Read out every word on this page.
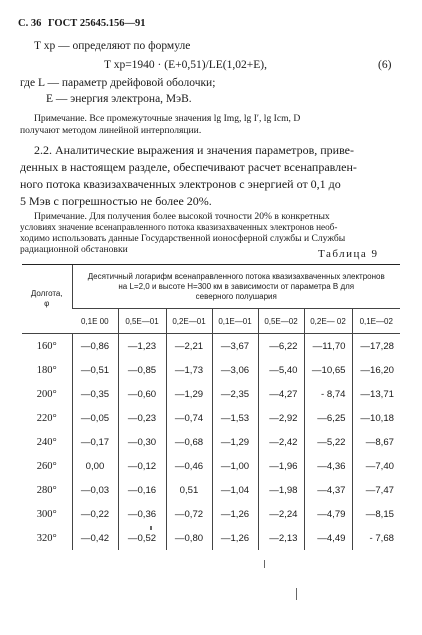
С. 36 ГОСТ 25645.156—91
T хр — определяют по формуле
T хр=1940 · (E+0,51)/LE(1,02+E),	(6)
где L — параметр дрейфовой оболочки;
E — энергия электрона, МэВ.
Примечание. Все промежуточные значения lg Img, lg I′, lg Icm, D
получают методом линейной интерполяции.
2.2. Аналитические выражения и значения параметров, приве-
денных в настоящем разделе, обеспечивают расчет всенаправлен-
ного потока квазизахваченных электронов с энергией от 0,1 до
5 Мэв с погрешностью не более 20%.
Примечание. Для получения более высокой точности 20% в конкретных
условиях значение всенаправленного потока квазизахваченных электронов необ-
ходимо использовать данные Государственной ионосферной службы и Службы
радиационной обстановки	Таблица 9
Долгота, φ	Десятичный логарифм всенаправленного потока квазизахваченных электронов
на L=2,0 и высоте H=300 км в зависимости от параметра B для
северного полушария						

	0,1E 00	0,5E—01	0,2E—01	0,1E—01	0,5E—02	0,2E— 02	0,1E—02
160°	—0,86	—1,23	—2,21	—3,67	—6,22	—11,70	—17,28
180°	—0,51	—0,85	—1,73	—3,06	—5,40	—10,65	—16,20
200°	—0,35	—0,60	—1,29	—2,35	—4,27	- 8,74	—13,71
220°	—0,05	—0,23	—0,74	—1,53	—2,92	—6,25	—10,18
240°	—0,17	—0,30	—0,68	—1,29	—2,42	—5,22	—8,67
260°	0,00	—0,12	—0,46	—1,00	—1,96	—4,36	—7,40
280°	—0,03	—0,16	0,51	—1,04	—1,98	—4,37	—7,47
300°	—0,22	—0,36	—0,72	—1,26	—2,24	—4,79	—8,15
320°	—0,42	—0,52	—0,80	—1,26	—2,13	—4,49	- 7,68
